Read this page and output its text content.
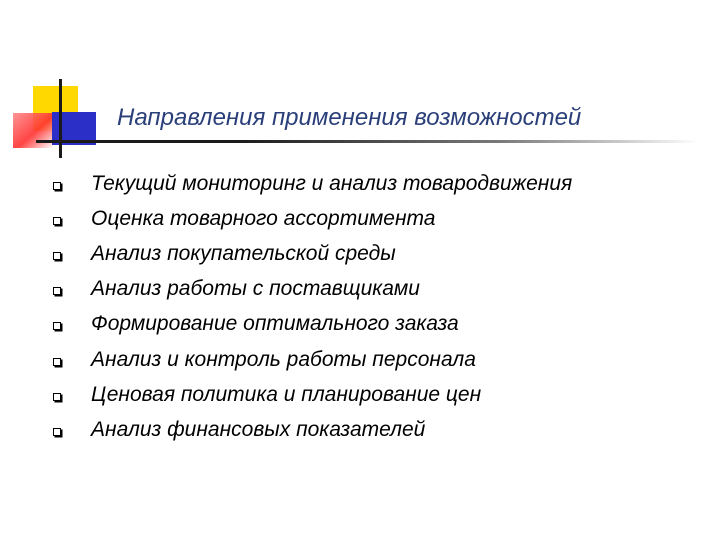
Направления применения возможностей
Текущий мониторинг и анализ товародвижения
Оценка товарного ассортимента
Анализ покупательской среды
Анализ работы с поставщиками
Формирование оптимального заказа
Анализ и контроль работы персонала
Ценовая политика и планирование цен
Анализ финансовых показателей
